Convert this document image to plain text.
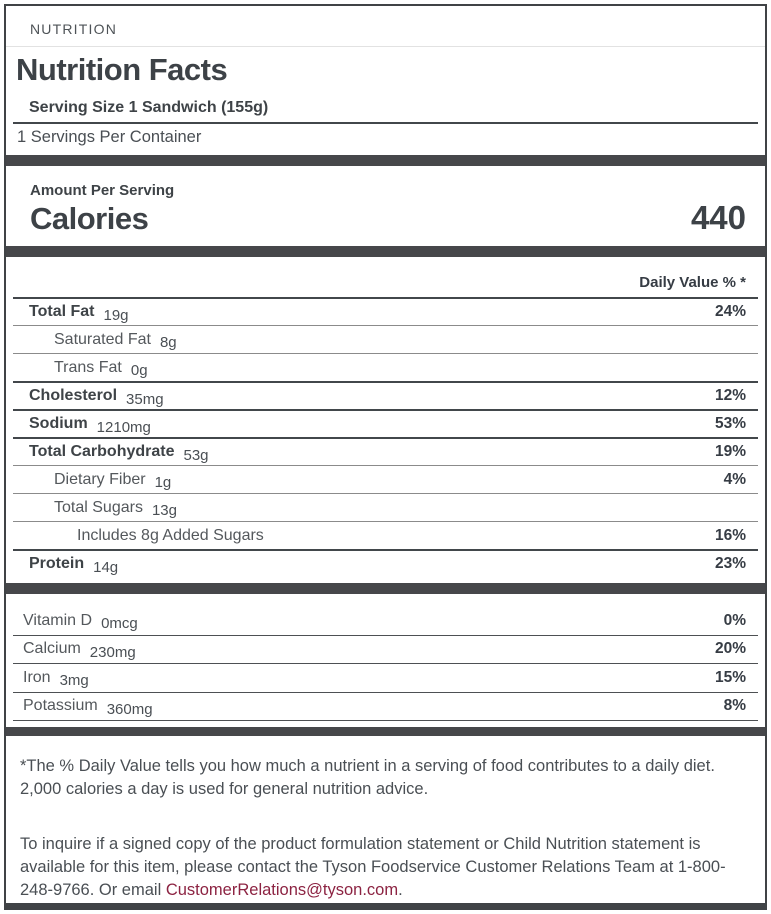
NUTRITION
Nutrition Facts
Serving Size 1 Sandwich (155g)
1 Servings Per Container
Amount Per Serving
Calories	440
Daily Value % *
Total Fat 19g	24%
Saturated Fat 8g
Trans Fat 0g
Cholesterol 35mg	12%
Sodium 1210mg	53%
Total Carbohydrate 53g	19%
Dietary Fiber 1g	4%
Total Sugars 13g
Includes 8g Added Sugars	16%
Protein 14g	23%
Vitamin D 0mcg	0%
Calcium 230mg	20%
Iron 3mg	15%
Potassium 360mg	8%

*The % Daily Value tells you how much a nutrient in a serving of food contributes to a daily diet. 2,000 calories a day is used for general nutrition advice.

To inquire if a signed copy of the product formulation statement or Child Nutrition statement is available for this item, please contact the Tyson Foodservice Customer Relations Team at 1-800-248-9766. Or email CustomerRelations@tyson.com.
